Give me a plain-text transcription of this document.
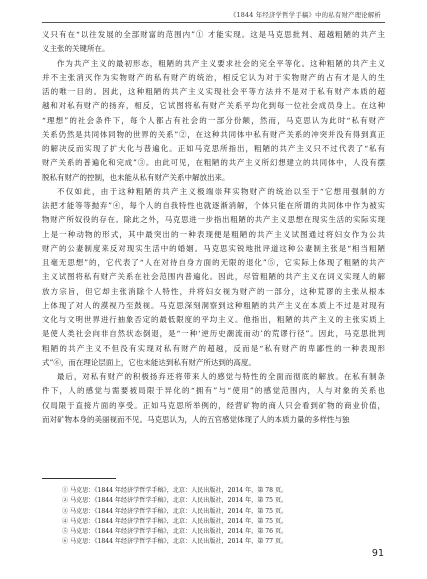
《1844 年经济学哲学手稿》中的私有财产理论解析
义只有在“以往发展的全部财富的范围内”① 才能实现。这是马克思批判、超越粗陋的共产主
义主张的关键所在。
作为共产主义的最初形态，粗陋的共产主义要求社会的完全平等化。这种粗陋的共产主义
并不主张消灭作为实物财产的私有财产的统治，相反它认为对于实物财产的占有才是人的生
活的唯一目的。因此，这种粗陋的共产主义实现社会平等方法并不是对于私有财产本质的超
越和对私有财产的扬弃，相反，它试图将私有财产关系平均化到每一位社会成员身上。在这种
“理想”的社会条件下，每个人都占有社会的一部分份额，然而，马克思认为此时“私有财产
关系仍然是共同体同物的世界的关系”②，在这种共同体中私有财产关系的冲突并没有得到真正
的解决反而实现了扩大化与普遍化。正如马克思所指出，粗陋的共产主义只不过代表了“私有
财产关系的普遍化和完成”③。由此可见，在粗陋的共产主义所幻想建立的共同体中，人没有摆
脱私有财产的控制，也未能从私有财产关系中解放出来。
不仅如此，由于这种粗陋的共产主义极端崇拜实物财产的统治以至于“它想用强制的方
法把才能等等抛弃”④，每个人的自我特性也就逐渐消解，个体只能在所谓的共同体中作为被实
物财产所奴役的存在。除此之外，马克思进一步指出粗陋的共产主义思想在现实生活的实际实现
上是一种动物的形式，其中最突出的一种表现便是粗陋的共产主义试图通过将妇女作为公共
财产的公妻制度来反对现实生活中的婚姻。马克思实锐地批评道这种公妻制主张是“相当粗陋
且毫无思想”的，它代表了“人在对待自身方面的无限的退化”⑤，它实际上体现了粗陋的共产
主义试图将私有财产关系在社会范围内普遍化。因此，尽管粗陋的共产主义在词义实现人的解
放方宗旨，但它却主张消除个人特性，并将妇女视为财产的一部分，这种荒谬的主张从根本
上体现了对人的漠视乃至鼓视。马克思深刻洞察到这种粗陋的共产主义在本质上不过是对现有
文化与文明世界进行抽象否定的最低限度的平均主义。他指出，粗陋的共产主义的主张实质上
是使人类社会向非自然状态倒退，是“一种‘逆历史潮流而动’的荒谬行径”。因此，马克思批判
粗陋的共产主义不但没有实现对私有财产的超越，反而是“私有财产的卑鄙性的一种表现形
式”⑥，而在理论层面上，它也未能达到私有财产所达到的高度。
最后，对私有财产的积极扬弃还将带来人的感觉与特性的全面而彻底的解放。在私有制条
件下，人的感觉与需要被局限于异化的“拥有”与“使用”的感觉范围内，人与对象的关系也
仅局限于直接片面的享受。正如马克思所举例的，经营矿物的商人只会看到矿物的商业价值，
而对矿物本身的美丽视而不见。马克思认为，人的五官感觉体现了人的本质力量的多样性与独
① 马克思：《1844 年经济学哲学手稿》，北京：人民出版社，2014 年，第 78 页。
② 马克思：《1844 年经济学哲学手稿》，北京：人民出版社，2014 年，第 75 页。
③ 马克思：《1844 年经济学哲学手稿》，北京：人民出版社，2014 年，第 75 页。
④ 马克思：《1844 年经济学哲学手稿》，北京：人民出版社，2014 年，第 75 页。
⑤ 马克思：《1844 年经济学哲学手稿》，北京：人民出版社，2014 年，第 76 页。
⑥ 马克思：《1844 年经济学哲学手稿》，北京：人民出版社，2014 年，第 77 页。
91
